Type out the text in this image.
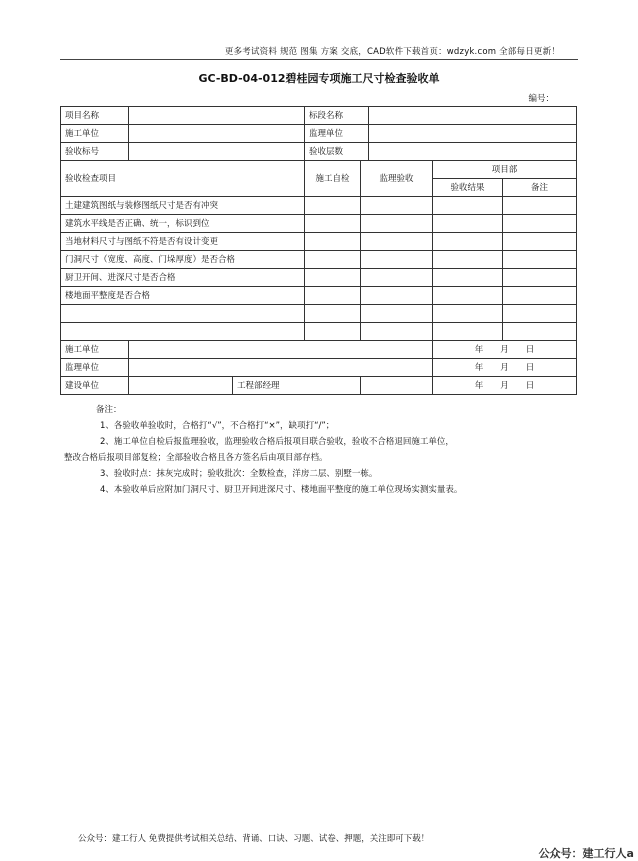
更多考试资料 规范 图集 方案 交底，CAD软件下载首页：wdzyk.com 全部每日更新！
GC-BD-04-012碧桂园专项施工尺寸检查验收单
编号：
项目名称			标段名称				
施工单位			监理单位				
验收标号			验收层数				
验收检查项目			施工自检	监理验收		项目部	
						验收结果	备注
土建建筑图纸与装修图纸尺寸是否有冲突							
建筑水平线是否正确、统一，标识到位							
当地材料尺寸与图纸不符是否有设计变更							
门洞尺寸（宽度、高度、门垛厚度）是否合格							
厨卫开间、进深尺寸是否合格							
楼地面平整度是否合格							

施工单位						年　　月　　日	
监理单位						年　　月　　日	
建设单位		工程部经理				年　　月　　日	

备注：

1、各验收单验收时，合格打“√”，不合格打“×”，缺项打“/”；

2、施工单位自检后报监理验收，监理验收合格后报项目联合验收，验收不合格退回施工单位，

整改合格后报项目部复检；全部验收合格且各方签名后由项目部存档。

3、验收时点：抹灰完成时；验收批次：全数检查，洋房二层、别墅一栋。

4、本验收单后应附加门洞尺寸、厨卫开间进深尺寸、楼地面平整度的施工单位现场实测实量表。

公众号：建工行人 免费提供考试相关总结、背诵、口诀、习题、试卷、押题，关注即可下载！
公众号：建工行人a
